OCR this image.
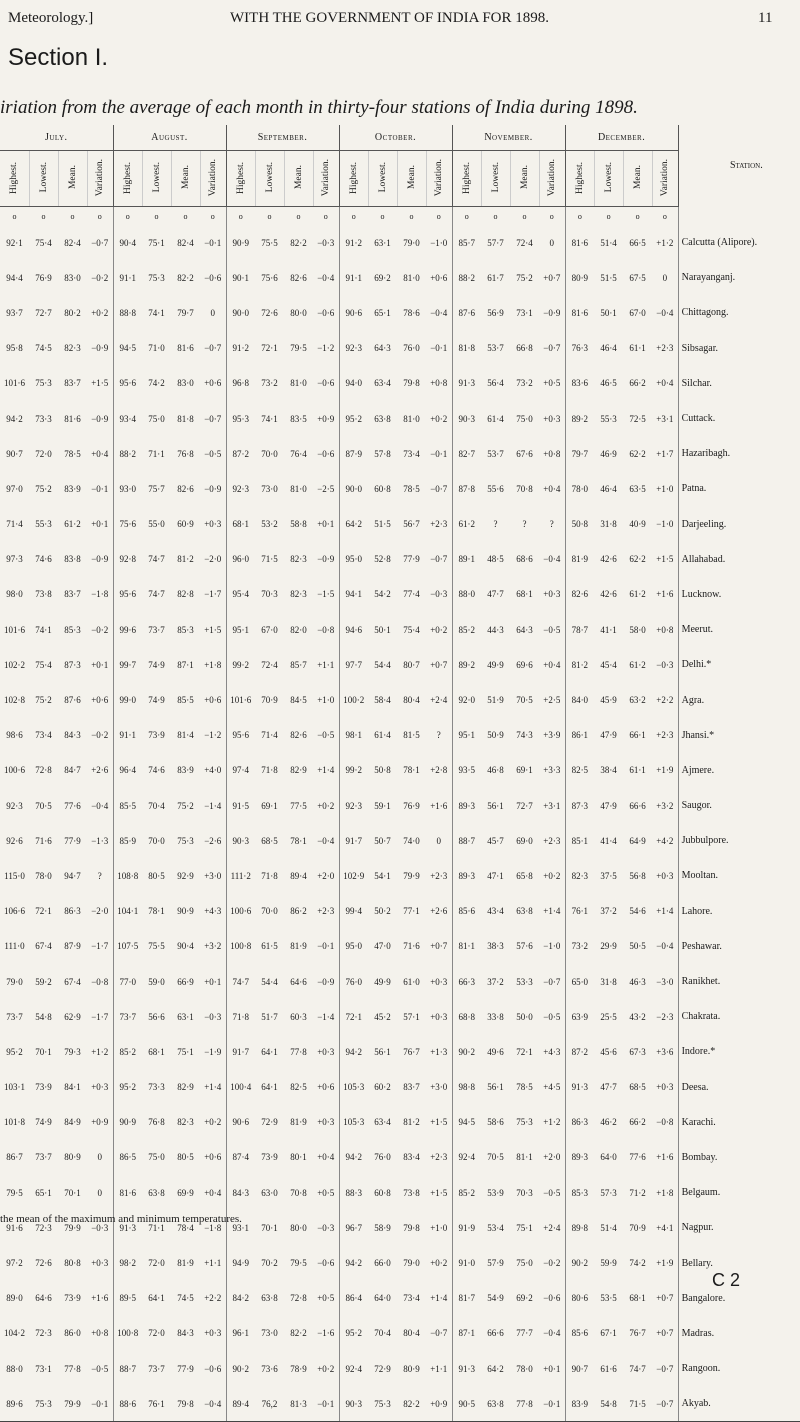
Meteorology.]	WITH THE GOVERNMENT OF INDIA FOR 1898.	11
Section I.
iriation from the average of each month in thirty-four stations of India during 1898.
July.				August.				September.				October.				November.				December.				Station.
Highest.	Lowest.	Mean.	Variation.	Highest.	Lowest.	Mean.	Variation.	Highest.	Lowest.	Mean.	Variation.	Highest.	Lowest.	Mean.	Variation.	Highest.	Lowest.	Mean.	Variation.	Highest.	Lowest.	Mean.	Variation.	
o	o	o	o	o	o	o	o	o	o	o	o	o	o	o	o	o	o	o	o	o	o	o	o	
92·1	75·4	82·4	−0·7	90·4	75·1	82·4	−0·1	90·9	75·5	82·2	−0·3	91·2	63·1	79·0	−1·0	85·7	57·7	72·4	0	81·6	51·4	66·5	+1·2	Calcutta (Alipore).
94·4	76·9	83·0	−0·2	91·1	75·3	82·2	−0·6	90·1	75·6	82·6	−0·4	91·1	69·2	81·0	+0·6	88·2	61·7	75·2	+0·7	80·9	51·5	67·5	0	Narayanganj.
93·7	72·7	80·2	+0·2	88·8	74·1	79·7	0	90·0	72·6	80·0	−0·6	90·6	65·1	78·6	−0·4	87·6	56·9	73·1	−0·9	81·6	50·1	67·0	−0·4	Chittagong.
95·8	74·5	82·3	−0·9	94·5	71·0	81·6	−0·7	91·2	72·1	79·5	−1·2	92·3	64·3	76·0	−0·1	81·8	53·7	66·8	−0·7	76·3	46·4	61·1	+2·3	Sibsagar.
101·6	75·3	83·7	+1·5	95·6	74·2	83·0	+0·6	96·8	73·2	81·0	−0·6	94·0	63·4	79·8	+0·8	91·3	56·4	73·2	+0·5	83·6	46·5	66·2	+0·4	Silchar.
94·2	73·3	81·6	−0·9	93·4	75·0	81·8	−0·7	95·3	74·1	83·5	+0·9	95·2	63·8	81·0	+0·2	90·3	61·4	75·0	+0·3	89·2	55·3	72·5	+3·1	Cuttack.
90·7	72·0	78·5	+0·4	88·2	71·1	76·8	−0·5	87·2	70·0	76·4	−0·6	87·9	57·8	73·4	−0·1	82·7	53·7	67·6	+0·8	79·7	46·9	62·2	+1·7	Hazaribagh.
97·0	75·2	83·9	−0·1	93·0	75·7	82·6	−0·9	92·3	73·0	81·0	−2·5	90·0	60·8	78·5	−0·7	87·8	55·6	70·8	+0·4	78·0	46·4	63·5	+1·0	Patna.
71·4	55·3	61·2	+0·1	75·6	55·0	60·9	+0·3	68·1	53·2	58·8	+0·1	64·2	51·5	56·7	+2·3	61·2	?	?	?	50·8	31·8	40·9	−1·0	Darjeeling.
97·3	74·6	83·8	−0·9	92·8	74·7	81·2	−2·0	96·0	71·5	82·3	−0·9	95·0	52·8	77·9	−0·7	89·1	48·5	68·6	−0·4	81·9	42·6	62·2	+1·5	Allahabad.
98·0	73·8	83·7	−1·8	95·6	74·7	82·8	−1·7	95·4	70·3	82·3	−1·5	94·1	54·2	77·4	−0·3	88·0	47·7	68·1	+0·3	82·6	42·6	61·2	+1·6	Lucknow.
101·6	74·1	85·3	−0·2	99·6	73·7	85·3	+1·5	95·1	67·0	82·0	−0·8	94·6	50·1	75·4	+0·2	85·2	44·3	64·3	−0·5	78·7	41·1	58·0	+0·8	Meerut.
102·2	75·4	87·3	+0·1	99·7	74·9	87·1	+1·8	99·2	72·4	85·7	+1·1	97·7	54·4	80·7	+0·7	89·2	49·9	69·6	+0·4	81·2	45·4	61·2	−0·3	Delhi.*
102·8	75·2	87·6	+0·6	99·0	74·9	85·5	+0·6	101·6	70·9	84·5	+1·0	100·2	58·4	80·4	+2·4	92·0	51·9	70·5	+2·5	84·0	45·9	63·2	+2·2	Agra.
98·6	73·4	84·3	−0·2	91·1	73·9	81·4	−1·2	95·6	71·4	82·6	−0·5	98·1	61·4	81·5	?	95·1	50·9	74·3	+3·9	86·1	47·9	66·1	+2·3	Jhansi.*
100·6	72·8	84·7	+2·6	96·4	74·6	83·9	+4·0	97·4	71·8	82·9	+1·4	99·2	50·8	78·1	+2·8	93·5	46·8	69·1	+3·3	82·5	38·4	61·1	+1·9	Ajmere.
92·3	70·5	77·6	−0·4	85·5	70·4	75·2	−1·4	91·5	69·1	77·5	+0·2	92·3	59·1	76·9	+1·6	89·3	56·1	72·7	+3·1	87·3	47·9	66·6	+3·2	Saugor.
92·6	71·6	77·9	−1·3	85·9	70·0	75·3	−2·6	90·3	68·5	78·1	−0·4	91·7	50·7	74·0	0	88·7	45·7	69·0	+2·3	85·1	41·4	64·9	+4·2	Jubbulpore.
115·0	78·0	94·7	?	108·8	80·5	92·9	+3·0	111·2	71·8	89·4	+2·0	102·9	54·1	79·9	+2·3	89·3	47·1	65·8	+0·2	82·3	37·5	56·8	+0·3	Mooltan.
106·6	72·1	86·3	−2·0	104·1	78·1	90·9	+4·3	100·6	70·0	86·2	+2·3	99·4	50·2	77·1	+2·6	85·6	43·4	63·8	+1·4	76·1	37·2	54·6	+1·4	Lahore.
111·0	67·4	87·9	−1·7	107·5	75·5	90·4	+3·2	100·8	61·5	81·9	−0·1	95·0	47·0	71·6	+0·7	81·1	38·3	57·6	−1·0	73·2	29·9	50·5	−0·4	Peshawar.
79·0	59·2	67·4	−0·8	77·0	59·0	66·9	+0·1	74·7	54·4	64·6	−0·9	76·0	49·9	61·0	+0·3	66·3	37·2	53·3	−0·7	65·0	31·8	46·3	−3·0	Ranikhet.
73·7	54·8	62·9	−1·7	73·7	56·6	63·1	−0·3	71·8	51·7	60·3	−1·4	72·1	45·2	57·1	+0·3	68·8	33·8	50·0	−0·5	63·9	25·5	43·2	−2·3	Chakrata.
95·2	70·1	79·3	+1·2	85·2	68·1	75·1	−1·9	91·7	64·1	77·8	+0·3	94·2	56·1	76·7	+1·3	90·2	49·6	72·1	+4·3	87·2	45·6	67·3	+3·6	Indore.*
103·1	73·9	84·1	+0·3	95·2	73·3	82·9	+1·4	100·4	64·1	82·5	+0·6	105·3	60·2	83·7	+3·0	98·8	56·1	78·5	+4·5	91·3	47·7	68·5	+0·3	Deesa.
101·8	74·9	84·9	+0·9	90·9	76·8	82·3	+0·2	90·6	72·9	81·9	+0·3	105·3	63·4	81·2	+1·5	94·5	58·6	75·3	+1·2	86·3	46·2	66·2	−0·8	Karachi.
86·7	73·7	80·9	0	86·5	75·0	80·5	+0·6	87·4	73·9	80·1	+0·4	94·2	76·0	83·4	+2·3	92·4	70·5	81·1	+2·0	89·3	64·0	77·6	+1·6	Bombay.
79·5	65·1	70·1	0	81·6	63·8	69·9	+0·4	84·3	63·0	70·8	+0·5	88·3	60·8	73·8	+1·5	85·2	53·9	70·3	−0·5	85·3	57·3	71·2	+1·8	Belgaum.
91·6	72·3	79·9	−0·3	91·3	71·1	78·4	−1·8	93·1	70·1	80·0	−0·3	96·7	58·9	79·8	+1·0	91·9	53·4	75·1	+2·4	89·8	51·4	70·9	+4·1	Nagpur.
97·2	72·6	80·8	+0·3	98·2	72·0	81·9	+1·1	94·9	70·2	79·5	−0·6	94·2	66·0	79·0	+0·2	91·0	57·9	75·0	−0·2	90·2	59·9	74·2	+1·9	Bellary.
89·0	64·6	73·9	+1·6	89·5	64·1	74·5	+2·2	84·2	63·8	72·8	+0·5	86·4	64·0	73·4	+1·4	81·7	54·9	69·2	−0·6	80·6	53·5	68·1	+0·7	Bangalore.
104·2	72·3	86·0	+0·8	100·8	72·0	84·3	+0·3	96·1	73·0	82·2	−1·6	95·2	70·4	80·4	−0·7	87·1	66·6	77·7	−0·4	85·6	67·1	76·7	+0·7	Madras.
88·0	73·1	77·8	−0·5	88·7	73·7	77·9	−0·6	90·2	73·6	78·9	+0·2	92·4	72·9	80·9	+1·1	91·3	64·2	78·0	+0·1	90·7	61·6	74·7	−0·7	Rangoon.
89·6	75·3	79·9	−0·1	88·6	76·1	79·8	−0·4	89·4	76,2	81·3	−0·1	90·3	75·3	82·2	+0·9	90·5	63·8	77·8	−0·1	83·9	54·8	71·5	−0·7	Akyab.
the mean of the maximum and minimum temperatures.
C 2
